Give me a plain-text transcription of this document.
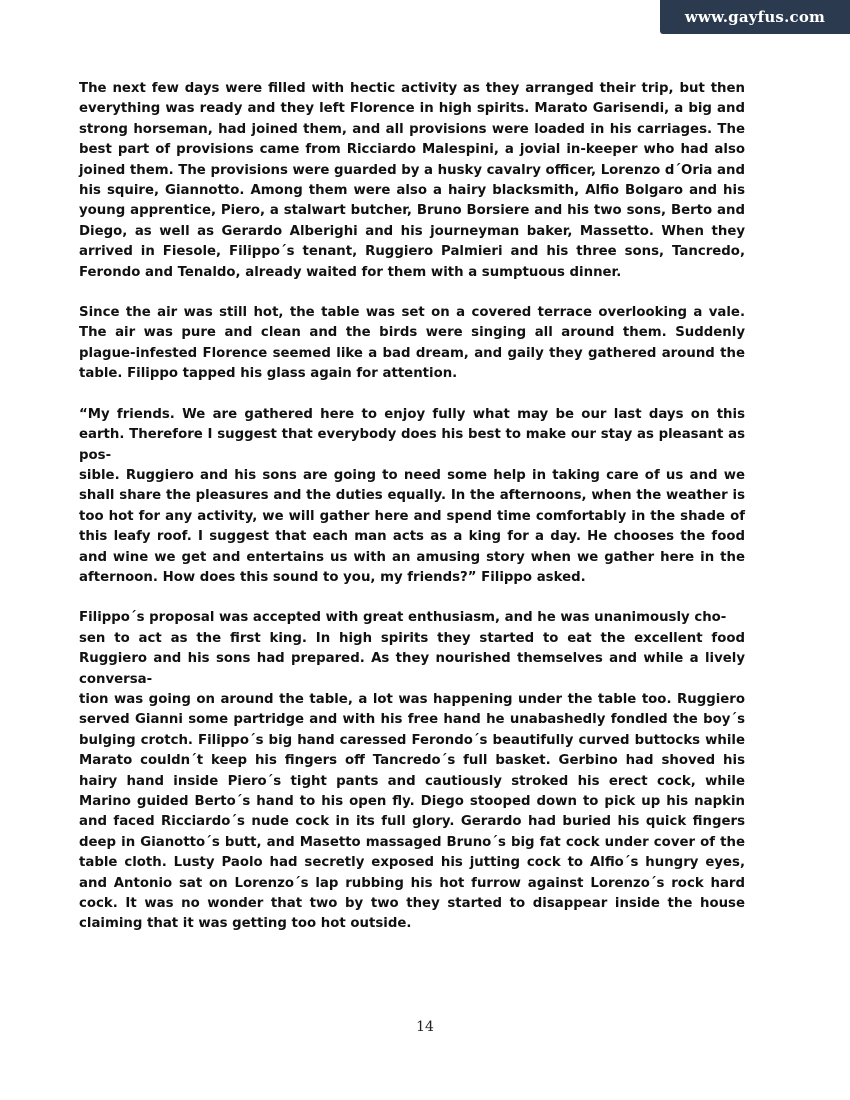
www.gayfus.com

The next few days were filled with hectic activity as they arranged their trip, but then everything was ready and they left Florence in high spirits. Marato Garisendi, a big and strong horseman, had joined them, and all provisions were loaded in his carriages. The best part of provisions came from Ricciardo Malespini, a jovial in-keeper who had also joined them. The provisions were guarded by a husky cavalry officer, Lorenzo d´Oria and his squire, Giannotto. Among them were also a hairy blacksmith, Alfio Bolgaro and his young apprentice, Piero, a stalwart butcher, Bruno Borsiere and his two sons, Berto and Diego, as well as Gerardo Alberighi and his journeyman baker, Massetto. When they arrived in Fiesole, Filippo´s tenant, Ruggiero Palmieri and his three sons, Tancredo, Ferondo and Tenaldo, already waited for them with a sumptuous dinner.

Since the air was still hot, the table was set on a covered terrace overlooking a vale. The air was pure and clean and the birds were singing all around them. Suddenly plague-infested Florence seemed like a bad dream, and gaily they gathered around the table. Filippo tapped his glass again for attention.

“My friends. We are gathered here to enjoy fully what may be our last days on this earth. Therefore I suggest that everybody does his best to make our stay as pleasant as pos-
sible. Ruggiero and his sons are going to need some help in taking care of us and we shall share the pleasures and the duties equally. In the afternoons, when the weather is too hot for any activity, we will gather here and spend time comfortably in the shade of this leafy roof. I suggest that each man acts as a king for a day. He chooses the food and wine we get and entertains us with an amusing story when we gather here in the afternoon. How does this sound to you, my friends?” Filippo asked.

Filippo´s proposal was accepted with great enthusiasm, and he was unanimously cho-
sen to act as the first king. In high spirits they started to eat the excellent food Ruggiero and his sons had prepared. As they nourished themselves and while a lively conversa-
tion was going on around the table, a lot was happening under the table too. Ruggiero served Gianni some partridge and with his free hand he unabashedly fondled the boy´s bulging crotch. Filippo´s big hand caressed Ferondo´s beautifully curved buttocks while Marato couldn´t keep his fingers off Tancredo´s full basket. Gerbino had shoved his hairy hand inside Piero´s tight pants and cautiously stroked his erect cock, while Marino guided Berto´s hand to his open fly. Diego stooped down to pick up his napkin and faced Ricciardo´s nude cock in its full glory. Gerardo had buried his quick fingers deep in Gianotto´s butt, and Masetto massaged Bruno´s big fat cock under cover of the table cloth. Lusty Paolo had secretly exposed his jutting cock to Alfio´s hungry eyes, and Antonio sat on Lorenzo´s lap rubbing his hot furrow against Lorenzo´s rock hard cock. It was no wonder that two by two they started to disappear inside the house claiming that it was getting too hot outside.

14
